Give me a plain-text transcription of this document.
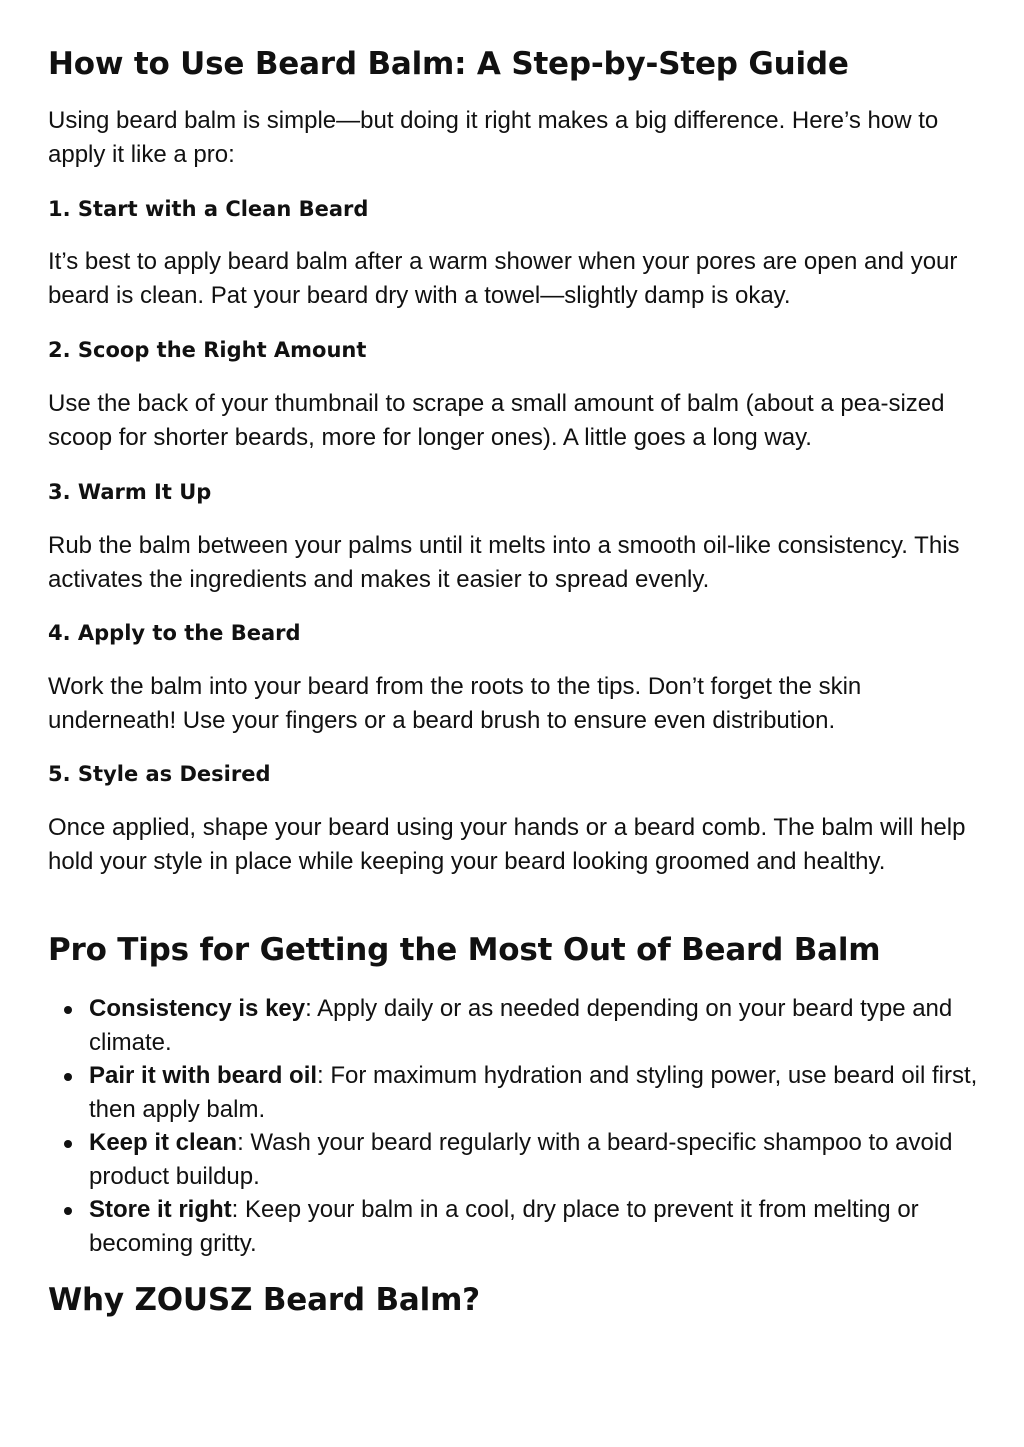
How to Use Beard Balm: A Step-by-Step Guide

Using beard balm is simple—but doing it right makes a big difference. Here’s how to apply it like a pro:

1. Start with a Clean Beard

It’s best to apply beard balm after a warm shower when your pores are open and your beard is clean. Pat your beard dry with a towel—slightly damp is okay.

2. Scoop the Right Amount

Use the back of your thumbnail to scrape a small amount of balm (about a pea-sized scoop for shorter beards, more for longer ones). A little goes a long way.

3. Warm It Up

Rub the balm between your palms until it melts into a smooth oil-like consistency. This activates the ingredients and makes it easier to spread evenly.

4. Apply to the Beard

Work the balm into your beard from the roots to the tips. Don’t forget the skin underneath! Use your fingers or a beard brush to ensure even distribution.

5. Style as Desired

Once applied, shape your beard using your hands or a beard comb. The balm will help hold your style in place while keeping your beard looking groomed and healthy.

Pro Tips for Getting the Most Out of Beard Balm
Consistency is key: Apply daily or as needed depending on your beard type and climate.
Pair it with beard oil: For maximum hydration and styling power, use beard oil first, then apply balm.
Keep it clean: Wash your beard regularly with a beard-specific shampoo to avoid product buildup.
Store it right: Keep your balm in a cool, dry place to prevent it from melting or becoming gritty.
Why ZOUSZ Beard Balm?
